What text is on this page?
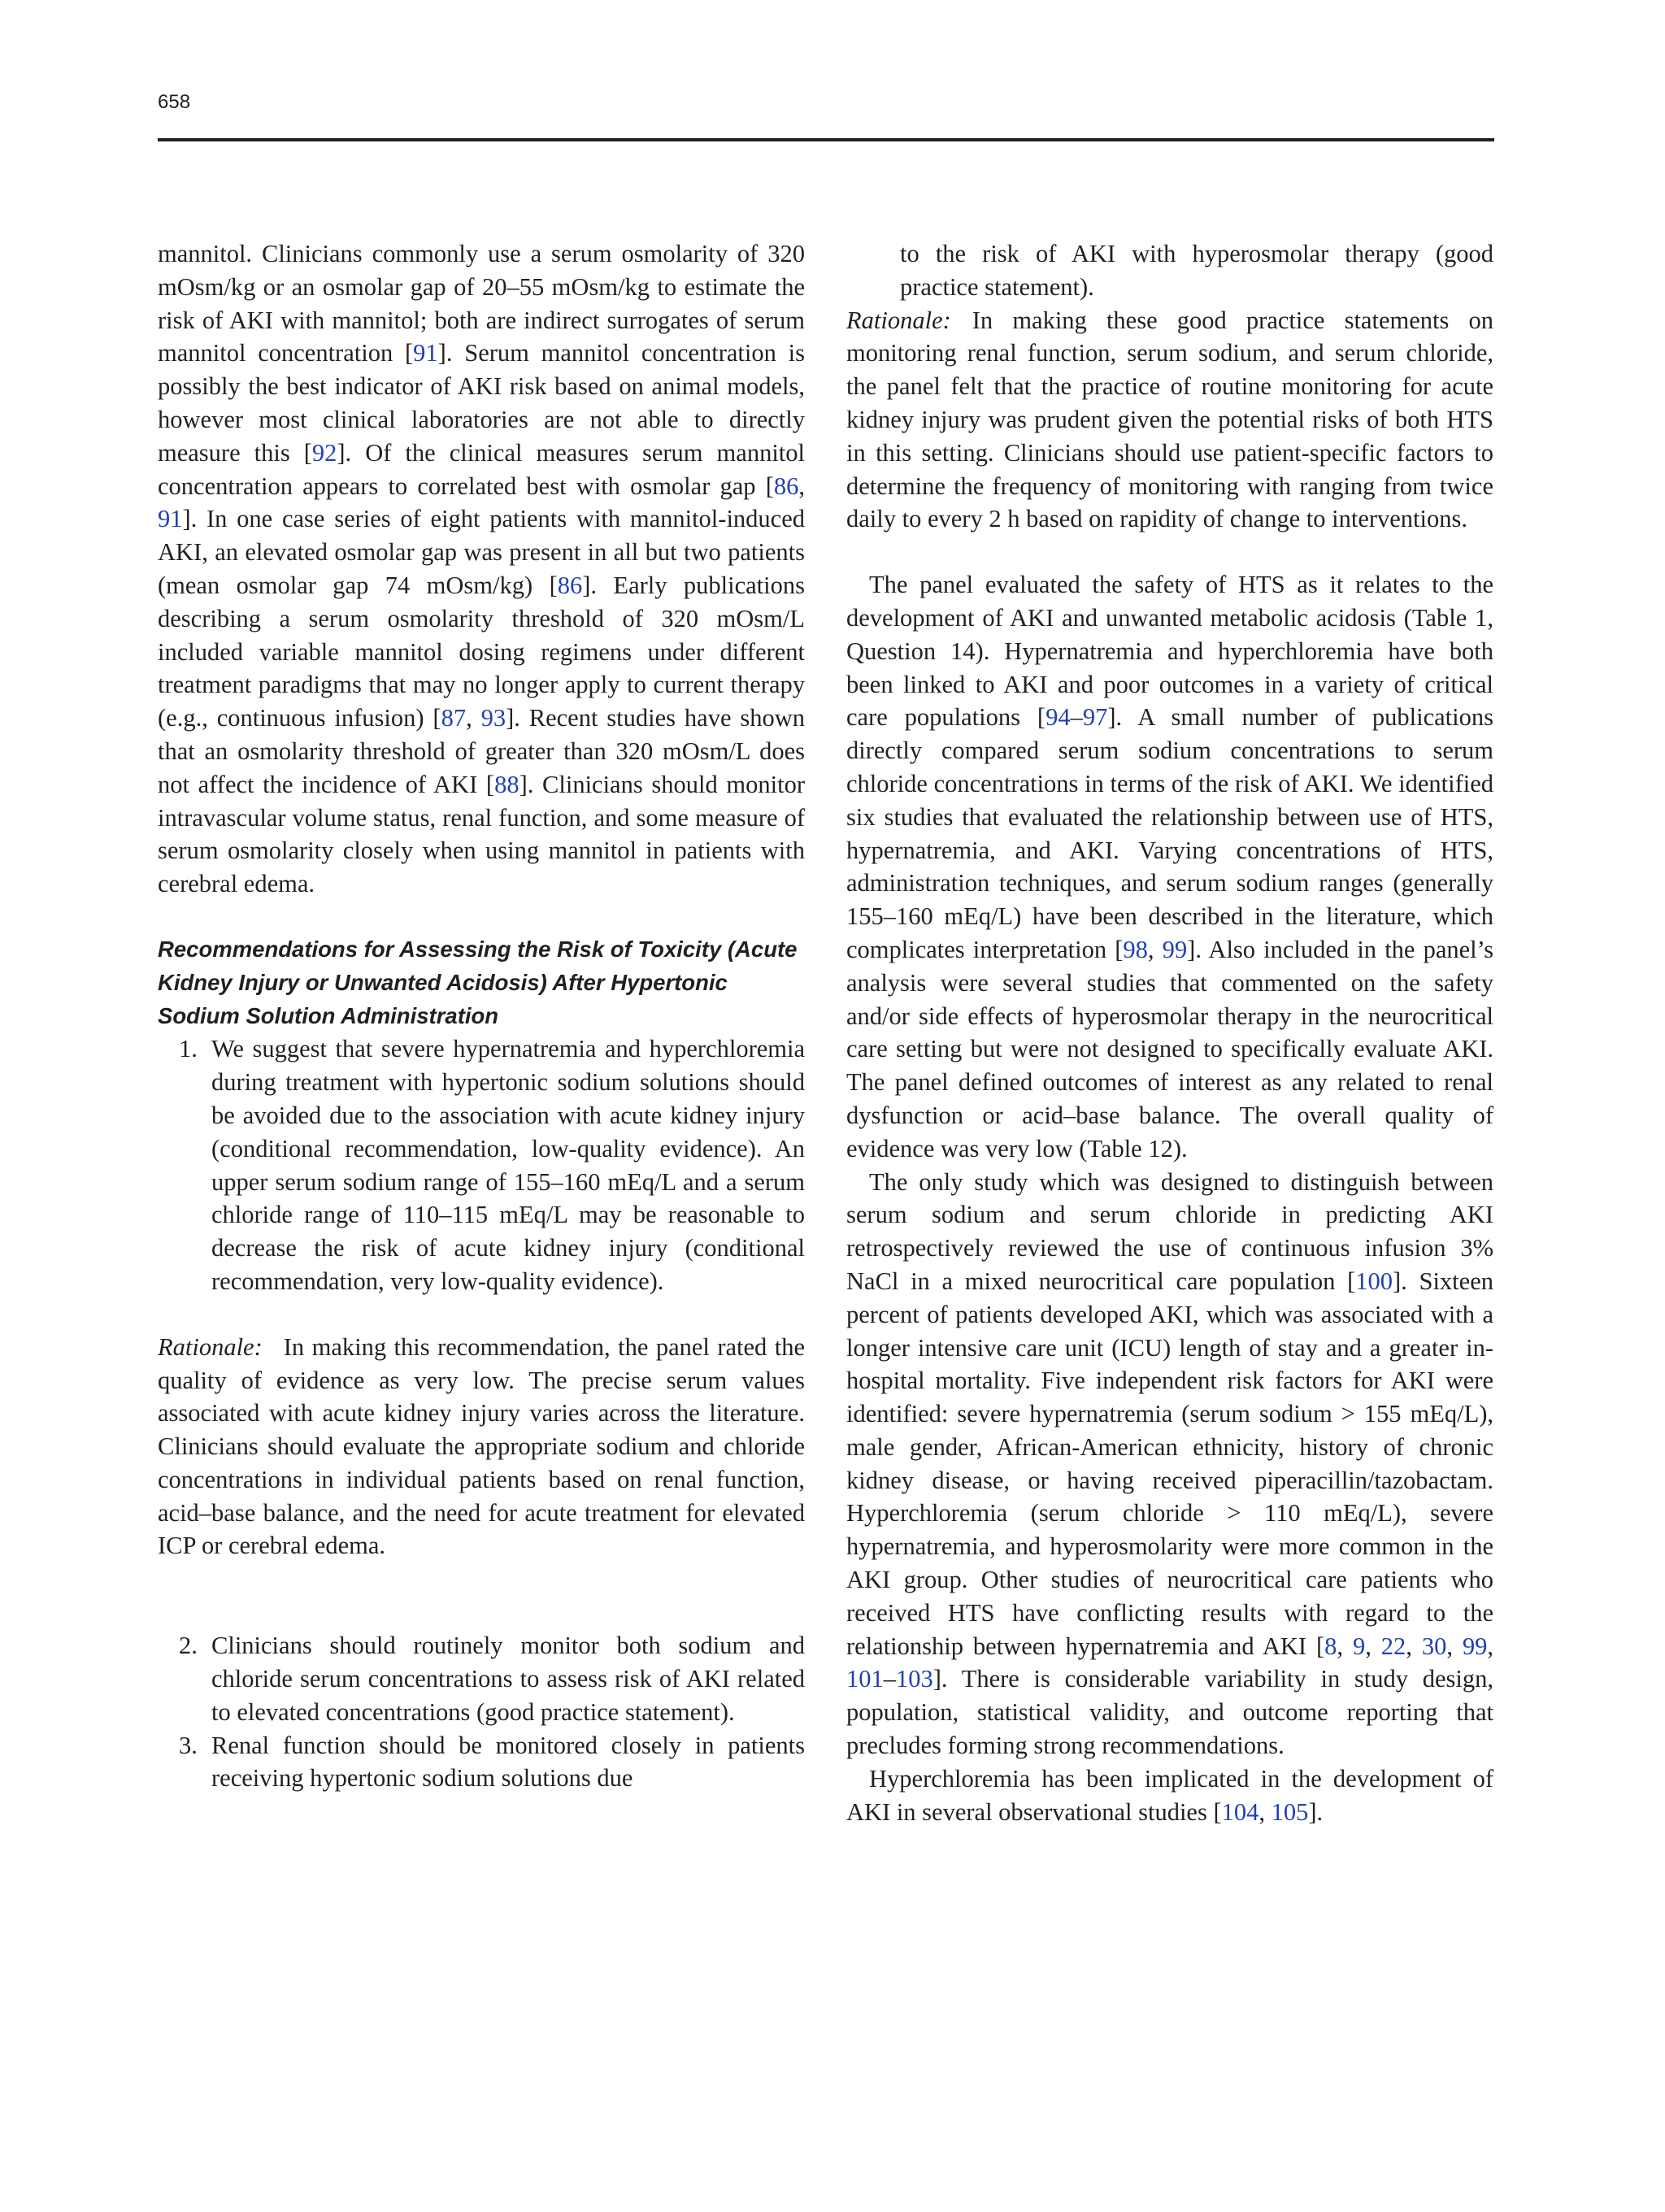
658

mannitol. Clinicians commonly use a serum osmolarity of 320 mOsm/kg or an osmolar gap of 20–55 mOsm/kg to estimate the risk of AKI with mannitol; both are indirect surrogates of serum mannitol concentration [91]. Serum mannitol concentration is possibly the best indicator of AKI risk based on animal models, however most clinical laboratories are not able to directly measure this [92]. Of the clinical measures serum mannitol concentration appears to correlated best with osmolar gap [86, 91]. In one case series of eight patients with mannitol-induced AKI, an elevated osmolar gap was present in all but two patients (mean osmolar gap 74 mOsm/kg) [86]. Early publications describing a serum osmolarity threshold of 320 mOsm/L included variable mannitol dosing regimens under different treatment paradigms that may no longer apply to current therapy (e.g., continuous infusion) [87, 93]. Recent studies have shown that an osmolarity threshold of greater than 320 mOsm/L does not affect the incidence of AKI [88]. Clinicians should monitor intravascular volume status, renal function, and some measure of serum osmolarity closely when using mannitol in patients with cerebral edema.

Recommendations for Assessing the Risk of Toxicity (Acute Kidney Injury or Unwanted Acidosis) After Hypertonic Sodium Solution Administration
1. We suggest that severe hypernatremia and hyperchloremia during treatment with hypertonic sodium solutions should be avoided due to the association with acute kidney injury (conditional recommendation, low-quality evidence). An upper serum sodium range of 155–160 mEq/L and a serum chloride range of 110–115 mEq/L may be reasonable to decrease the risk of acute kidney injury (conditional recommendation, very low-quality evidence).

Rationale: In making this recommendation, the panel rated the quality of evidence as very low. The precise serum values associated with acute kidney injury varies across the literature. Clinicians should evaluate the appropriate sodium and chloride concentrations in individual patients based on renal function, acid–base balance, and the need for acute treatment for elevated ICP or cerebral edema.

2. Clinicians should routinely monitor both sodium and chloride serum concentrations to assess risk of AKI related to elevated concentrations (good practice statement).
3. Renal function should be monitored closely in patients receiving hypertonic sodium solutions due

to the risk of AKI with hyperosmolar therapy (good practice statement).

Rationale: In making these good practice statements on monitoring renal function, serum sodium, and serum chloride, the panel felt that the practice of routine monitoring for acute kidney injury was prudent given the potential risks of both HTS in this setting. Clinicians should use patient-specific factors to determine the frequency of monitoring with ranging from twice daily to every 2 h based on rapidity of change to interventions.

The panel evaluated the safety of HTS as it relates to the development of AKI and unwanted metabolic acidosis (Table 1, Question 14). Hypernatremia and hyperchloremia have both been linked to AKI and poor outcomes in a variety of critical care populations [94–97]. A small number of publications directly compared serum sodium concentrations to serum chloride concentrations in terms of the risk of AKI. We identified six studies that evaluated the relationship between use of HTS, hypernatremia, and AKI. Varying concentrations of HTS, administration techniques, and serum sodium ranges (generally 155–160 mEq/L) have been described in the literature, which complicates interpretation [98, 99]. Also included in the panel’s analysis were several studies that commented on the safety and/or side effects of hyperosmolar therapy in the neurocritical care setting but were not designed to specifically evaluate AKI. The panel defined outcomes of interest as any related to renal dysfunction or acid–base balance. The overall quality of evidence was very low (Table 12).

The only study which was designed to distinguish between serum sodium and serum chloride in predicting AKI retrospectively reviewed the use of continuous infusion 3% NaCl in a mixed neurocritical care population [100]. Sixteen percent of patients developed AKI, which was associated with a longer intensive care unit (ICU) length of stay and a greater in-hospital mortality. Five independent risk factors for AKI were identified: severe hypernatremia (serum sodium > 155 mEq/L), male gender, African-American ethnicity, history of chronic kidney disease, or having received piperacillin/tazobactam. Hyperchloremia (serum chloride > 110 mEq/L), severe hypernatremia, and hyperosmolarity were more common in the AKI group. Other studies of neurocritical care patients who received HTS have conflicting results with regard to the relationship between hypernatremia and AKI [8, 9, 22, 30, 99, 101–103]. There is considerable variability in study design, population, statistical validity, and outcome reporting that precludes forming strong recommendations.

Hyperchloremia has been implicated in the development of AKI in several observational studies [104, 105].
